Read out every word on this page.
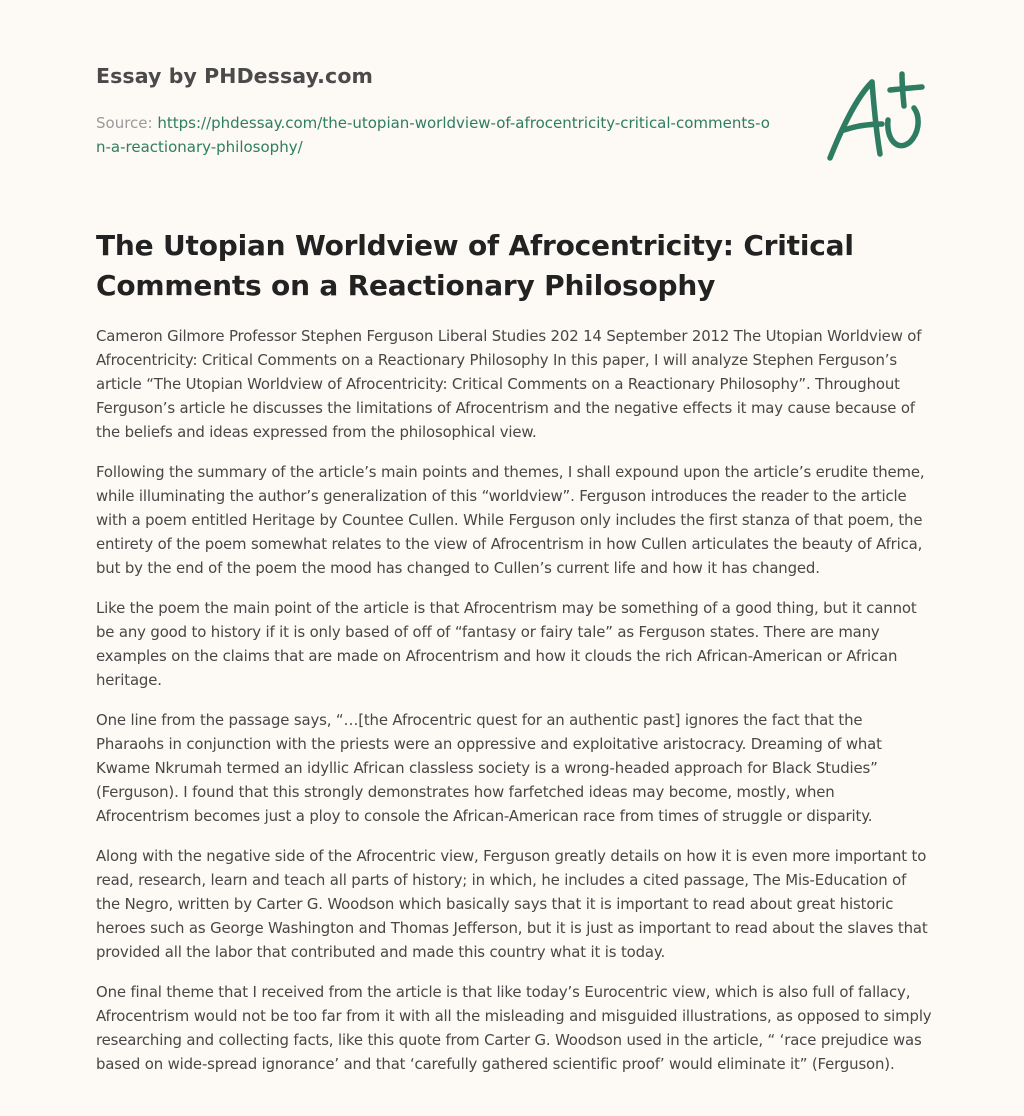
Essay by PHDessay.com

Source: https://phdessay.com/the-utopian-worldview-of-afrocentricity-critical-comments-on-a-reactionary-philosophy/

The Utopian Worldview of Afrocentricity: Critical Comments on a Reactionary Philosophy

Cameron Gilmore Professor Stephen Ferguson Liberal Studies 202 14 September 2012 The Utopian Worldview of Afrocentricity: Critical Comments on a Reactionary Philosophy In this paper, I will analyze Stephen Ferguson’s article “The Utopian Worldview of Afrocentricity: Critical Comments on a Reactionary Philosophy”. Throughout Ferguson’s article he discusses the limitations of Afrocentrism and the negative effects it may cause because of the beliefs and ideas expressed from the philosophical view.

Following the summary of the article’s main points and themes, I shall expound upon the article’s erudite theme, while illuminating the author’s generalization of this “worldview”. Ferguson introduces the reader to the article with a poem entitled Heritage by Countee Cullen. While Ferguson only includes the first stanza of that poem, the entirety of the poem somewhat relates to the view of Afrocentrism in how Cullen articulates the beauty of Africa, but by the end of the poem the mood has changed to Cullen’s current life and how it has changed.

Like the poem the main point of the article is that Afrocentrism may be something of a good thing, but it cannot be any good to history if it is only based of off of “fantasy or fairy tale” as Ferguson states. There are many examples on the claims that are made on Afrocentrism and how it clouds the rich African-American or African heritage.

One line from the passage says, “…[the Afrocentric quest for an authentic past] ignores the fact that the Pharaohs in conjunction with the priests were an oppressive and exploitative aristocracy. Dreaming of what Kwame Nkrumah termed an idyllic African classless society is a wrong-headed approach for Black Studies” (Ferguson). I found that this strongly demonstrates how farfetched ideas may become, mostly, when Afrocentrism becomes just a ploy to console the African-American race from times of struggle or disparity.

Along with the negative side of the Afrocentric view, Ferguson greatly details on how it is even more important to read, research, learn and teach all parts of history; in which, he includes a cited passage, The Mis-Education of the Negro, written by Carter G. Woodson which basically says that it is important to read about great historic heroes such as George Washington and Thomas Jefferson, but it is just as important to read about the slaves that provided all the labor that contributed and made this country what it is today.

One final theme that I received from the article is that like today’s Eurocentric view, which is also full of fallacy, Afrocentrism would not be too far from it with all the misleading and misguided illustrations, as opposed to simply researching and collecting facts, like this quote from Carter G. Woodson used in the article, “ ‘race prejudice was based on wide-spread ignorance’ and that ‘carefully gathered scientific proof’ would eliminate it” (Ferguson).
